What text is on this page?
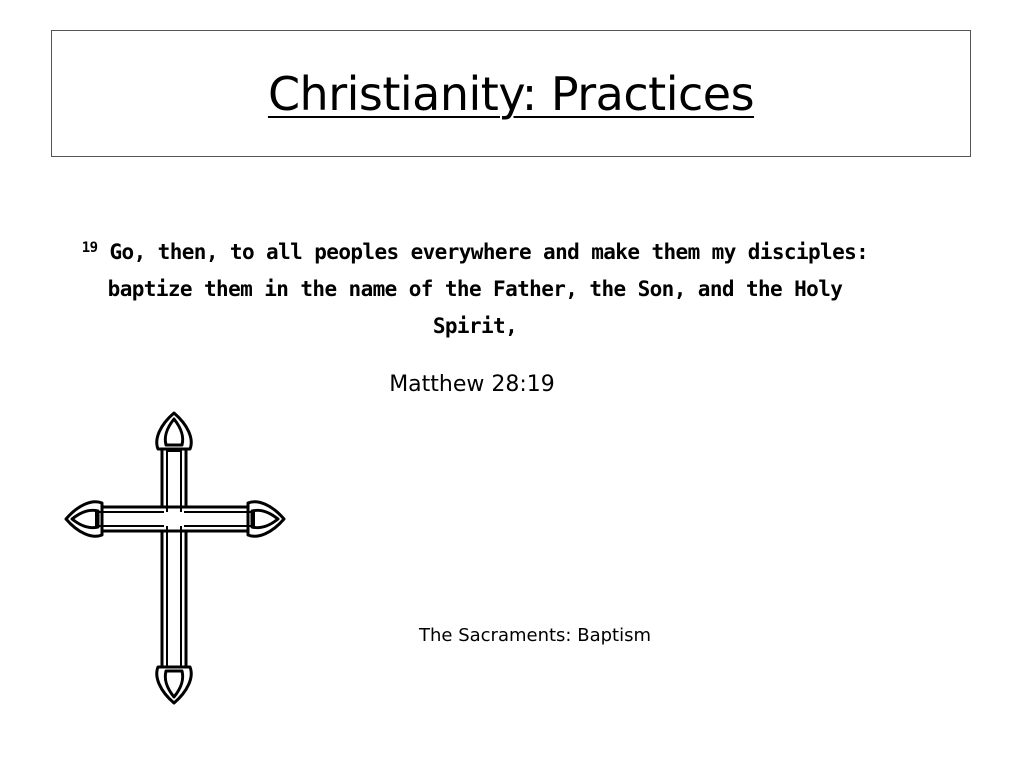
Christianity: Practices
$^{19}$ Go, then, to all peoples everywhere and make them my disciples: baptize them in the name of the Father, the Son, and the Holy Spirit,
Matthew 28:19
The Sacraments: Baptism
